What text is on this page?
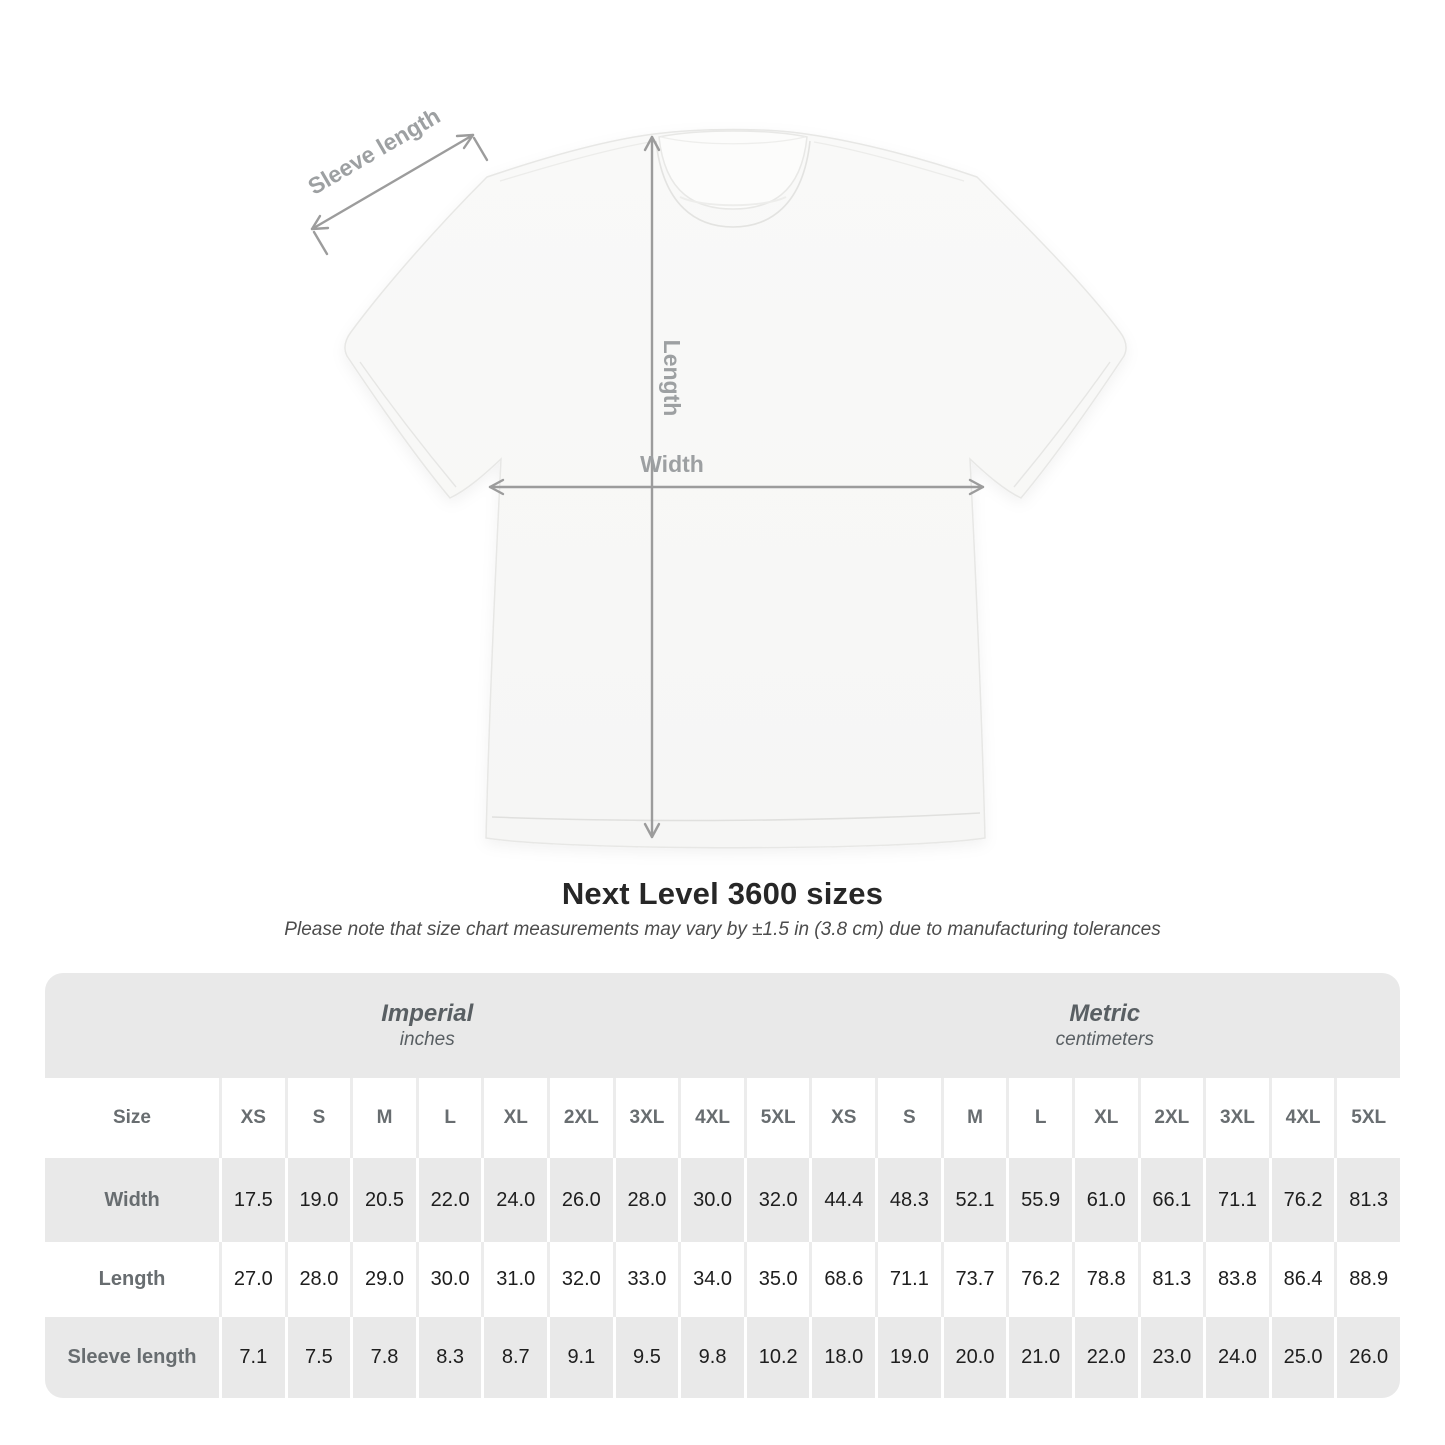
Sleeve length
Length
Width
Next Level 3600 sizes
Please note that size chart measurements may vary by ±1.5 in (3.8 cm) due to manufacturing tolerances
Imperial
inches										Metric
centimeters								

Size	XS	S	M	L	XL	2XL	3XL	4XL	5XL	XS	S	M	L	XL	2XL	3XL	4XL	5XL
Width	17.5	19.0	20.5	22.0	24.0	26.0	28.0	30.0	32.0	44.4	48.3	52.1	55.9	61.0	66.1	71.1	76.2	81.3
Length	27.0	28.0	29.0	30.0	31.0	32.0	33.0	34.0	35.0	68.6	71.1	73.7	76.2	78.8	81.3	83.8	86.4	88.9
Sleeve length	7.1	7.5	7.8	8.3	8.7	9.1	9.5	9.8	10.2	18.0	19.0	20.0	21.0	22.0	23.0	24.0	25.0	26.0
